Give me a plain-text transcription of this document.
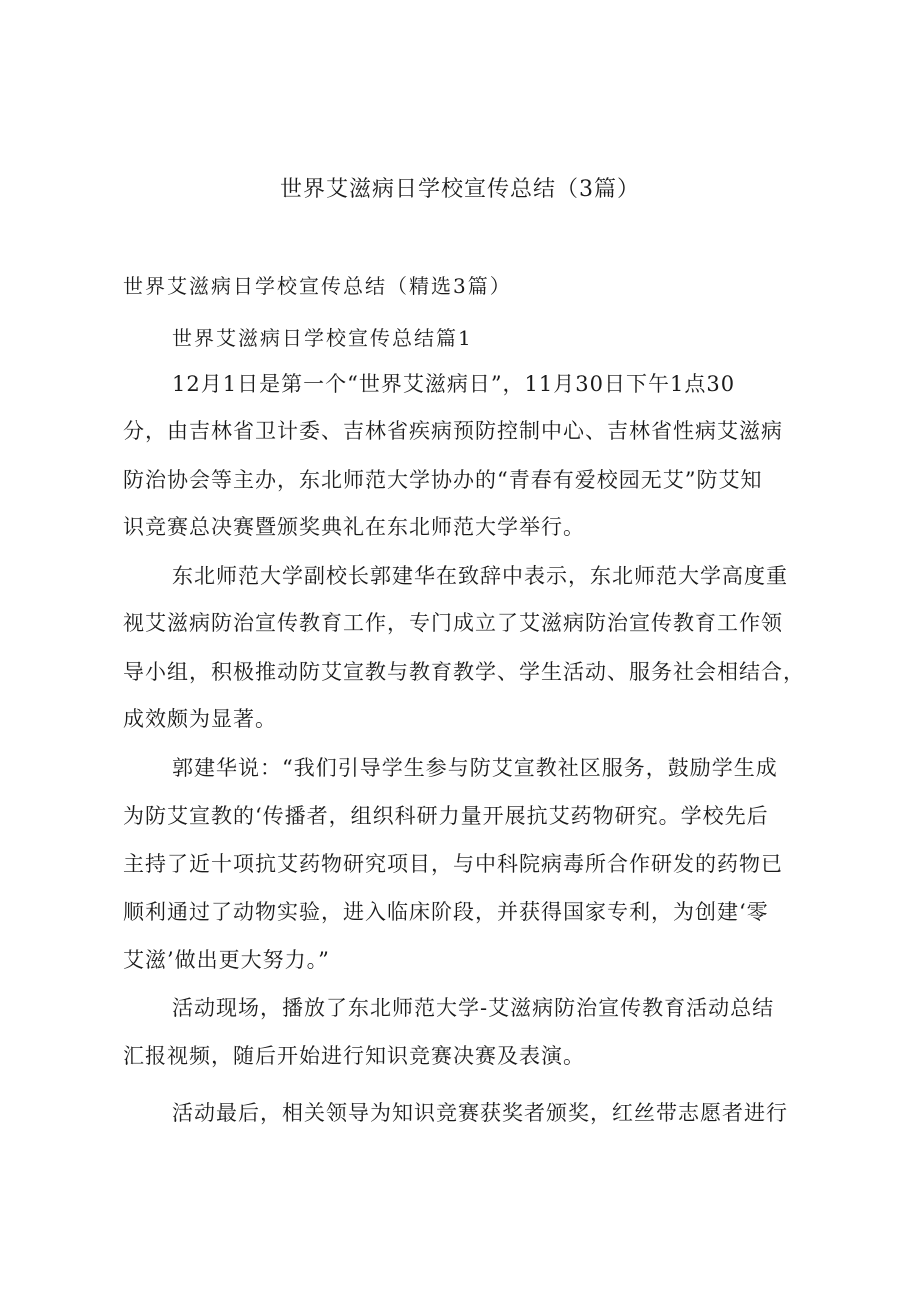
世界艾滋病日学校宣传总结（3篇）

世界艾滋病日学校宣传总结（精选3篇）

世界艾滋病日学校宣传总结篇1

12月1日是第一个“世界艾滋病日”，11月30日下午1点30

分，由吉林省卫计委、吉林省疾病预防控制中心、吉林省性病艾滋病

防治协会等主办，东北师范大学协办的“青春有爱校园无艾”防艾知

识竞赛总决赛暨颁奖典礼在东北师范大学举行。

东北师范大学副校长郭建华在致辞中表示，东北师范大学高度重

视艾滋病防治宣传教育工作，专门成立了艾滋病防治宣传教育工作领

导小组，积极推动防艾宣教与教育教学、学生活动、服务社会相结合，

成效颇为显著。

郭建华说：“我们引导学生参与防艾宣教社区服务，鼓励学生成

为防艾宣教的‘传播者，组织科研力量开展抗艾药物研究。学校先后

主持了近十项抗艾药物研究项目，与中科院病毒所合作研发的药物已

顺利通过了动物实验，进入临床阶段，并获得国家专利，为创建‘零

艾滋’做出更大努力。”

活动现场，播放了东北师范大学-艾滋病防治宣传教育活动总结

汇报视频，随后开始进行知识竞赛决赛及表演。

活动最后，相关领导为知识竞赛获奖者颁奖，红丝带志愿者进行
